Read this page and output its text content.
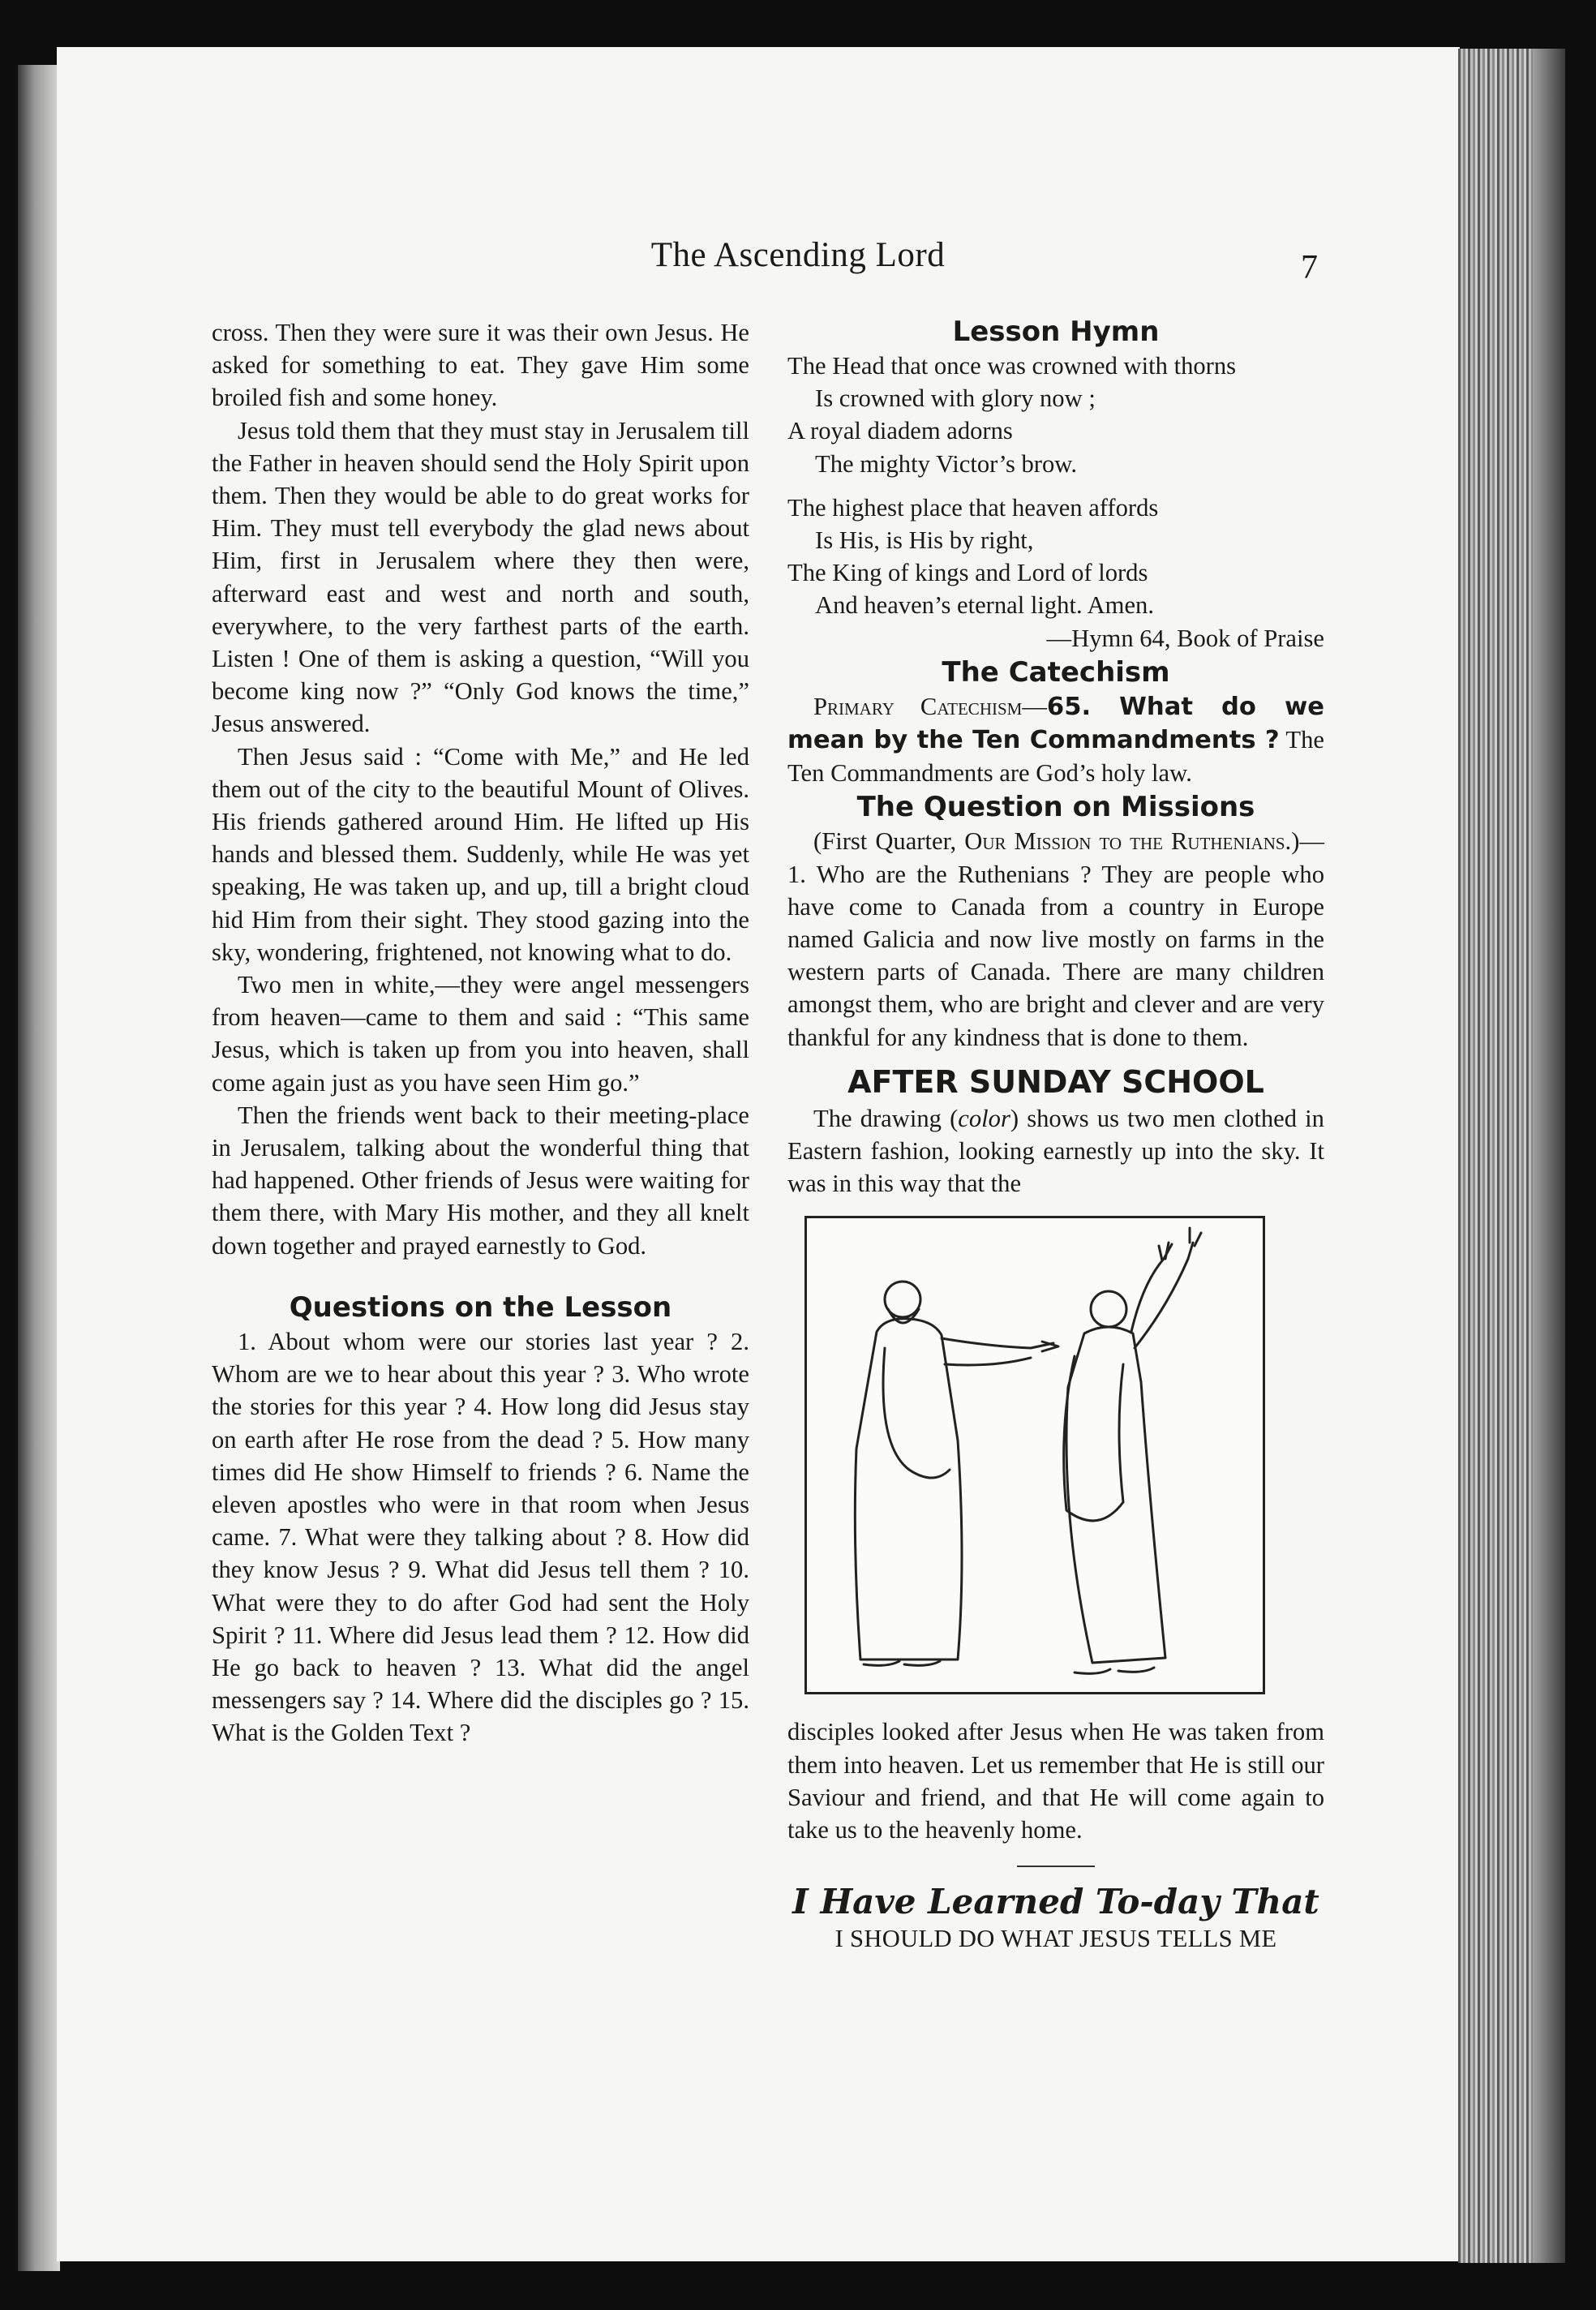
The Ascending Lord	7

cross. Then they were sure it was their own Jesus. He asked for something to eat. They gave Him some broiled fish and some honey.

Jesus told them that they must stay in Jerusalem till the Father in heaven should send the Holy Spirit upon them. Then they would be able to do great works for Him. They must tell everybody the glad news about Him, first in Jerusalem where they then were, afterward east and west and north and south, everywhere, to the very farthest parts of the earth. Listen ! One of them is asking a question, “Will you become king now ?” “Only God knows the time,” Jesus answered.

Then Jesus said : “Come with Me,” and He led them out of the city to the beautiful Mount of Olives. His friends gathered around Him. He lifted up His hands and blessed them. Suddenly, while He was yet speaking, He was taken up, and up, till a bright cloud hid Him from their sight. They stood gazing into the sky, wondering, frightened, not knowing what to do.

Two men in white,—they were angel messengers from heaven—came to them and said : “This same Jesus, which is taken up from you into heaven, shall come again just as you have seen Him go.”

Then the friends went back to their meeting-place in Jerusalem, talking about the wonderful thing that had happened. Other friends of Jesus were waiting for them there, with Mary His mother, and they all knelt down together and prayed earnestly to God.

Questions on the Lesson

1. About whom were our stories last year ? 2. Whom are we to hear about this year ? 3. Who wrote the stories for this year ? 4. How long did Jesus stay on earth after He rose from the dead ? 5. How many times did He show Himself to friends ? 6. Name the eleven apostles who were in that room when Jesus came. 7. What were they talking about ? 8. How did they know Jesus ? 9. What did Jesus tell them ? 10. What were they to do after God had sent the Holy Spirit ? 11. Where did Jesus lead them ? 12. How did He go back to heaven ? 13. What did the angel messengers say ? 14. Where did the disciples go ? 15. What is the Golden Text ?

Lesson Hymn

The Head that once was crowned with thorns

Is crowned with glory now ;

A royal diadem adorns

The mighty Victor’s brow.

The highest place that heaven affords

Is His, is His by right,

The King of kings and Lord of lords

And heaven’s eternal light. Amen.

—Hymn 64, Book of Praise

The Catechism

Primary Catechism—65. What do we mean by the Ten Commandments ? The Ten Commandments are God’s holy law.

The Question on Missions

(First Quarter, Our Mission to the Ruthenians.)—1. Who are the Ruthenians ? They are people who have come to Canada from a country in Europe named Galicia and now live mostly on farms in the western parts of Canada. There are many children amongst them, who are bright and clever and are very thankful for any kindness that is done to them.

AFTER SUNDAY SCHOOL

The drawing (color) shows us two men clothed in Eastern fashion, looking earnestly up into the sky. It was in this way that the

disciples looked after Jesus when He was taken from them into heaven. Let us remember that He is still our Saviour and friend, and that He will come again to take us to the heavenly home.

I Have Learned To-day That

I SHOULD DO WHAT JESUS TELLS ME
